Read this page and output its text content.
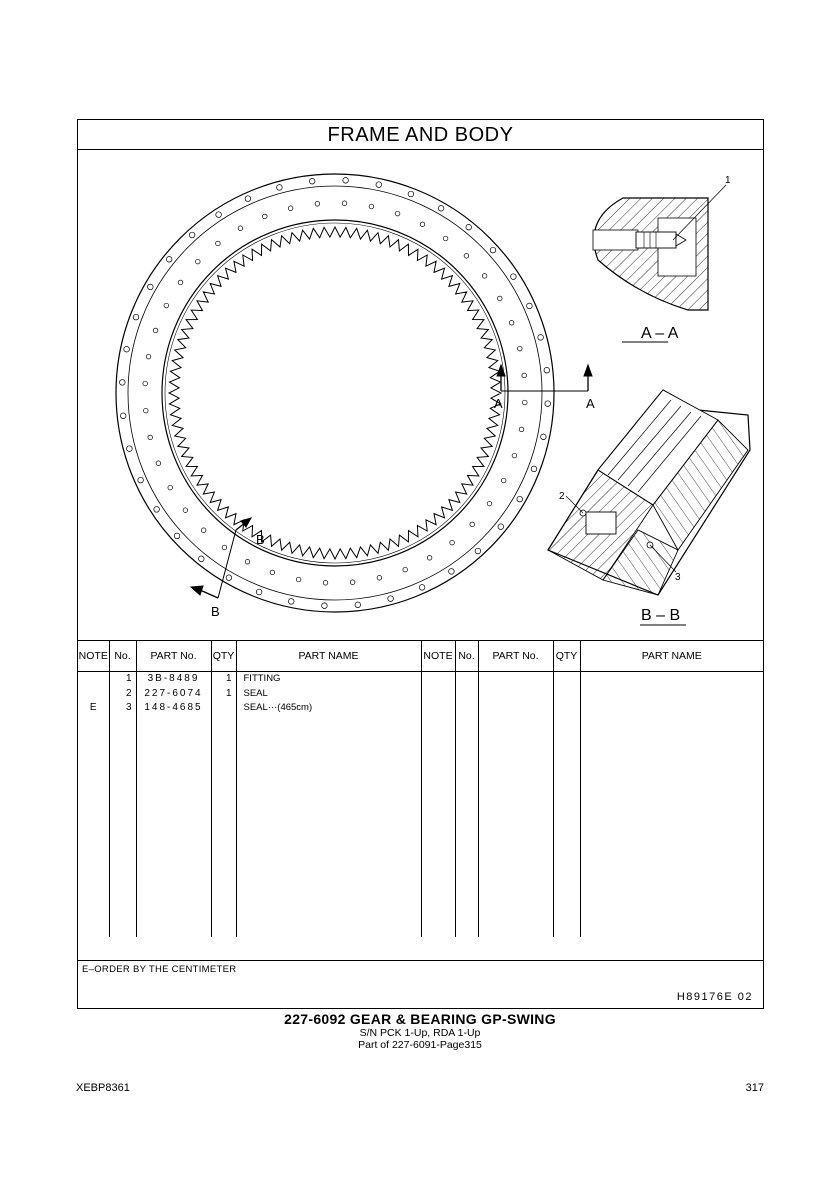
FRAME AND BODY
A	A
B
B
1
A – A
2
3
B – B
NOTE	No.	PART No.	QTY	PART NAME	NOTE	No.	PART No.	QTY	PART NAME
	1	3B-8489	1	FITTING					
	2	227-6074	1	SEAL					
E	3	148-4685		SEAL···(465cm)					

E–ORDER BY THE CENTIMETER
H89176E 02
227-6092 GEAR & BEARING GP-SWING
S/N PCK 1-Up, RDA 1-Up
Part of 227-6091-Page315
XEBP8361	317
